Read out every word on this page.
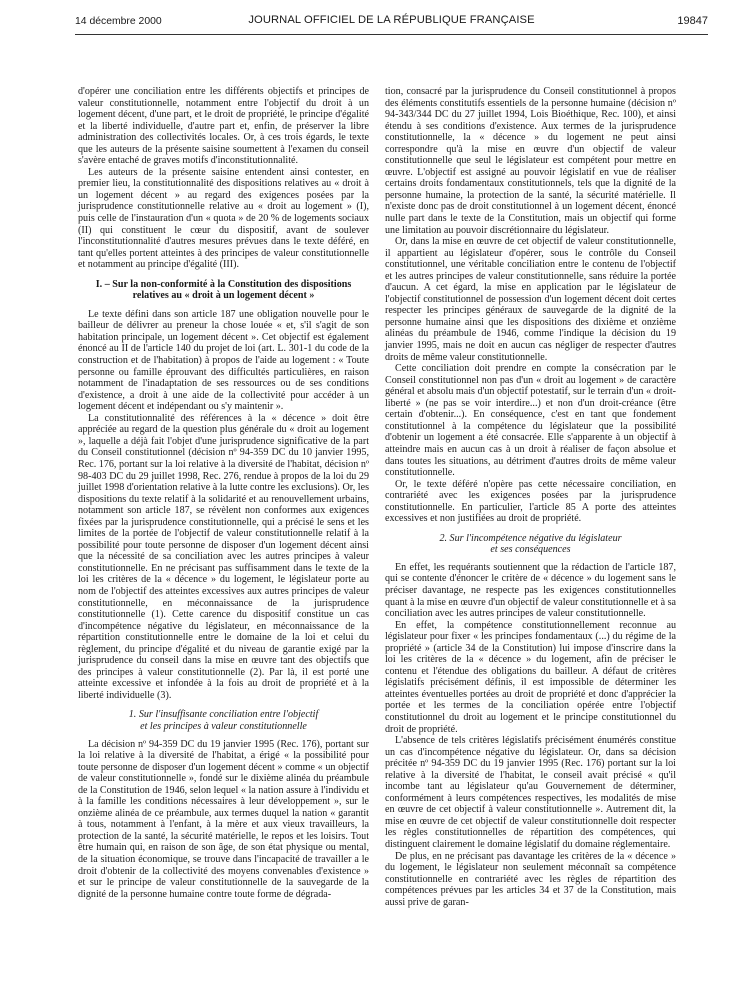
14 décembre 2000	JOURNAL OFFICIEL DE LA RÉPUBLIQUE FRANÇAISE	19847

d'opérer une conciliation entre les différents objectifs et principes de valeur constitutionnelle, notamment entre l'objectif du droit à un logement décent, d'une part, et le droit de propriété, le principe d'égalité et la liberté individuelle, d'autre part et, enfin, de préserver la libre administration des collectivités locales. Or, à ces trois égards, le texte que les auteurs de la présente saisine soumettent à l'examen du conseil s'avère entaché de graves motifs d'inconstitutionnalité.

Les auteurs de la présente saisine entendent ainsi contester, en premier lieu, la constitutionnalité des dispositions relatives au « droit à un logement décent » au regard des exigences posées par la jurisprudence constitutionnelle relative au « droit au logement » (I), puis celle de l'instauration d'un « quota » de 20 % de logements sociaux (II) qui constituent le cœur du dispositif, avant de soulever l'inconstitutionnalité d'autres mesures prévues dans le texte déféré, en tant qu'elles portent atteintes à des principes de valeur constitutionnelle et notamment au principe d'égalité (III).

I. – Sur la non-conformité à la Constitution des dispositions relatives au « droit à un logement décent »

Le texte défini dans son article 187 une obligation nouvelle pour le bailleur de délivrer au preneur la chose louée « et, s'il s'agit de son habitation principale, un logement décent ». Cet objectif est également énoncé au II de l'article 140 du projet de loi (art. L. 301-1 du code de la construction et de l'habitation) à propos de l'aide au logement : « Toute personne ou famille éprouvant des difficultés particulières, en raison notamment de l'inadaptation de ses ressources ou de ses conditions d'existence, a droit à une aide de la collectivité pour accéder à un logement décent et indépendant ou s'y maintenir ».

La constitutionnalité des références à la « décence » doit être appréciée au regard de la question plus générale du « droit au logement », laquelle a déjà fait l'objet d'une jurisprudence significative de la part du Conseil constitutionnel (décision nº 94-359 DC du 10 janvier 1995, Rec. 176, portant sur la loi relative à la diversité de l'habitat, décision nº 98-403 DC du 29 juillet 1998, Rec. 276, rendue à propos de la loi du 29 juillet 1998 d'orientation relative à la lutte contre les exclusions). Or, les dispositions du texte relatif à la solidarité et au renouvellement urbains, notamment son article 187, se révèlent non conformes aux exigences fixées par la jurisprudence constitutionnelle, qui a précisé le sens et les limites de la portée de l'objectif de valeur constitutionnelle relatif à la possibilité pour toute personne de disposer d'un logement décent ainsi que la nécessité de sa conciliation avec les autres principes à valeur constitutionnelle. En ne précisant pas suffisamment dans le texte de la loi les critères de la « décence » du logement, le législateur porte au nom de l'objectif des atteintes excessives aux autres principes de valeur constitutionnelle, en méconnaissance de la jurisprudence constitutionnelle (1). Cette carence du dispositif constitue un cas d'incompétence négative du législateur, en méconnaissance de la répartition constitutionnelle entre le domaine de la loi et celui du règlement, du principe d'égalité et du niveau de garantie exigé par la jurisprudence du conseil dans la mise en œuvre tant des objectifs que des principes à valeur constitutionnelle (2). Par là, il est porté une atteinte excessive et infondée à la fois au droit de propriété et à la liberté individuelle (3).

1. Sur l'insuffisante conciliation entre l'objectif
et les principes à valeur constitutionnelle

La décision nº 94-359 DC du 19 janvier 1995 (Rec. 176), portant sur la loi relative à la diversité de l'habitat, a érigé « la possibilité pour toute personne de disposer d'un logement décent » comme « un objectif de valeur constitutionnelle », fondé sur le dixième alinéa du préambule de la Constitution de 1946, selon lequel « la nation assure à l'individu et à la famille les conditions nécessaires à leur développement », sur le onzième alinéa de ce préambule, aux termes duquel la nation « garantit à tous, notamment à l'enfant, à la mère et aux vieux travailleurs, la protection de la santé, la sécurité matérielle, le repos et les loisirs. Tout être humain qui, en raison de son âge, de son état physique ou mental, de la situation économique, se trouve dans l'incapacité de travailler a le droit d'obtenir de la collectivité des moyens convenables d'existence » et sur le principe de valeur constitutionnelle de la sauvegarde de la dignité de la personne humaine contre toute forme de dégrada-

tion, consacré par la jurisprudence du Conseil constitutionnel à propos des éléments constitutifs essentiels de la personne humaine (décision nº 94-343/344 DC du 27 juillet 1994, Lois Bioéthique, Rec. 100), et ainsi étendu à ses conditions d'existence. Aux termes de la jurisprudence constitutionnelle, la « décence » du logement ne peut ainsi correspondre qu'à la mise en œuvre d'un objectif de valeur constitutionnelle que seul le législateur est compétent pour mettre en œuvre. L'objectif est assigné au pouvoir législatif en vue de réaliser certains droits fondamentaux constitutionnels, tels que la dignité de la personne humaine, la protection de la santé, la sécurité matérielle. Il n'existe donc pas de droit constitutionnel à un logement décent, énoncé nulle part dans le texte de la Constitution, mais un objectif qui forme une limitation au pouvoir discrétionnaire du législateur.

Or, dans la mise en œuvre de cet objectif de valeur constitutionnelle, il appartient au législateur d'opérer, sous le contrôle du Conseil constitutionnel, une véritable conciliation entre le contenu de l'objectif et les autres principes de valeur constitutionnelle, sans réduire la portée d'aucun. A cet égard, la mise en application par le législateur de l'objectif constitutionnel de possession d'un logement décent doit certes respecter les principes généraux de sauvegarde de la dignité de la personne humaine ainsi que les dispositions des dixième et onzième alinéas du préambule de 1946, comme l'indique la décision du 19 janvier 1995, mais ne doit en aucun cas négliger de respecter d'autres droits de même valeur constitutionnelle.

Cette conciliation doit prendre en compte la consécration par le Conseil constitutionnel non pas d'un « droit au logement » de caractère général et absolu mais d'un objectif potestatif, sur le terrain d'un « droit-liberté » (ne pas se voir interdire...) et non d'un droit-créance (être certain d'obtenir...). En conséquence, c'est en tant que fondement constitutionnel à la compétence du législateur que la possibilité d'obtenir un logement a été consacrée. Elle s'apparente à un objectif à atteindre mais en aucun cas à un droit à réaliser de façon absolue et dans toutes les situations, au détriment d'autres droits de même valeur constitutionnelle.

Or, le texte déféré n'opère pas cette nécessaire conciliation, en contrariété avec les exigences posées par la jurisprudence constitutionnelle. En particulier, l'article 85 A porte des atteintes excessives et non justifiées au droit de propriété.

2. Sur l'incompétence négative du législateur
et ses conséquences

En effet, les requérants soutiennent que la rédaction de l'article 187, qui se contente d'énoncer le critère de « décence » du logement sans le préciser davantage, ne respecte pas les exigences constitutionnelles quant à la mise en œuvre d'un objectif de valeur constitutionnelle et à sa conciliation avec les autres principes de valeur constitutionnelle.

En effet, la compétence constitutionnellement reconnue au législateur pour fixer « les principes fondamentaux (...) du régime de la propriété » (article 34 de la Constitution) lui impose d'inscrire dans la loi les critères de la « décence » du logement, afin de préciser le contenu et l'étendue des obligations du bailleur. A défaut de critères législatifs précisément définis, il est impossible de déterminer les atteintes éventuelles portées au droit de propriété et donc d'apprécier la portée et les termes de la conciliation opérée entre l'objectif constitutionnel du droit au logement et le principe constitutionnel du droit de propriété.

L'absence de tels critères législatifs précisément énumérés constitue un cas d'incompétence négative du législateur. Or, dans sa décision précitée nº 94-359 DC du 19 janvier 1995 (Rec. 176) portant sur la loi relative à la diversité de l'habitat, le conseil avait précisé « qu'il incombe tant au législateur qu'au Gouvernement de déterminer, conformément à leurs compétences respectives, les modalités de mise en œuvre de cet objectif à valeur constitutionnelle ». Autrement dit, la mise en œuvre de cet objectif de valeur constitutionnelle doit respecter les règles constitutionnelles de répartition des compétences, qui distinguent clairement le domaine législatif du domaine réglementaire.

De plus, en ne précisant pas davantage les critères de la « décence » du logement, le législateur non seulement méconnaît sa compétence constitutionnelle en contrariété avec les règles de répartition des compétences prévues par les articles 34 et 37 de la Constitution, mais aussi prive de garan-
